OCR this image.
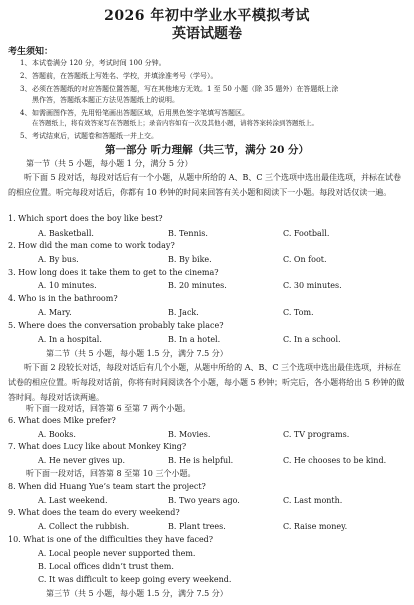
2026 年初中学业水平模拟考试
英语试题卷
考生须知：
1、本试卷满分 120 分，考试时间 100 分钟。
2、答题前，在答题纸上写姓名、学校，并填涂准考号（学号）。
3、必须在答题纸的对应答题位置答题，写在其他地方无效。1 至 50 小题（除 35 题外）在答题纸上涂
黑作答，答题纸本题正方法见答题纸上的说明。
4、如需画图作答，先用铅笔画出答题区域，后用黑色签字笔填写答题区。
在答题纸上，将有效答案写在答题纸上；录音内容如有一次及其他小题，请将答案转涂到答题纸上。
5、考试结束后，试题卷和答题纸一并上交。
第一部分 听力理解（共三节，满分 20 分）
第一节（共 5 小题，每小题 1 分，满分 5 分）
听下面 5 段对话，每段对话后有一个小题，从题中所给的 A、B、C 三个选项中选出最佳选项，并标在试卷的相应位置。听完每段对话后，你都有 10 秒钟的时间来回答有关小题和阅读下一小题。每段对话仅读一遍。
1. Which sport does the boy like best?
A. Basketball.	B. Tennis.	C. Football.
2. How did the man come to work today?
A. By bus.	B. By bike.	C. On foot.
3. How long does it take them to get to the cinema?
A. 10 minutes.	B. 20 minutes.	C. 30 minutes.
4. Who is in the bathroom?
A. Mary.	B. Jack.	C. Tom.
5. Where does the conversation probably take place?
A. In a hospital.	B. In a hotel.	C. In a school.
第二节（共 5 小题，每小题 1.5 分，满分 7.5 分）
听下面 2 段较长对话，每段对话后有几个小题，从题中所给的 A、B、C 三个选项中选出最佳选项，并标在试卷的相应位置。听每段对话前，你将有时间阅读各个小题，每小题 5 秒钟；听完后，各小题将给出 5 秒钟的做答时间。每段对话读两遍。
听下面一段对话，回答第 6 至第 7 两个小题。
6. What does Mike prefer?
A. Books.	B. Movies.	C. TV programs.
7. What does Lucy like about Monkey King?
A. He never gives up.	B. He is helpful.	C. He chooses to be kind.
听下面一段对话，回答第 8 至第 10 三个小题。
8. When did Huang Yue’s team start the project?
A. Last weekend.	B. Two years ago.	C. Last month.
9. What does the team do every weekend?
A. Collect the rubbish.	B. Plant trees.	C. Raise money.
10. What is one of the difficulties they have faced?
A. Local people never supported them.
B. Local offices didn’t trust them.
C. It was difficult to keep going every weekend.
第三节（共 5 小题，每小题 1.5 分，满分 7.5 分）
